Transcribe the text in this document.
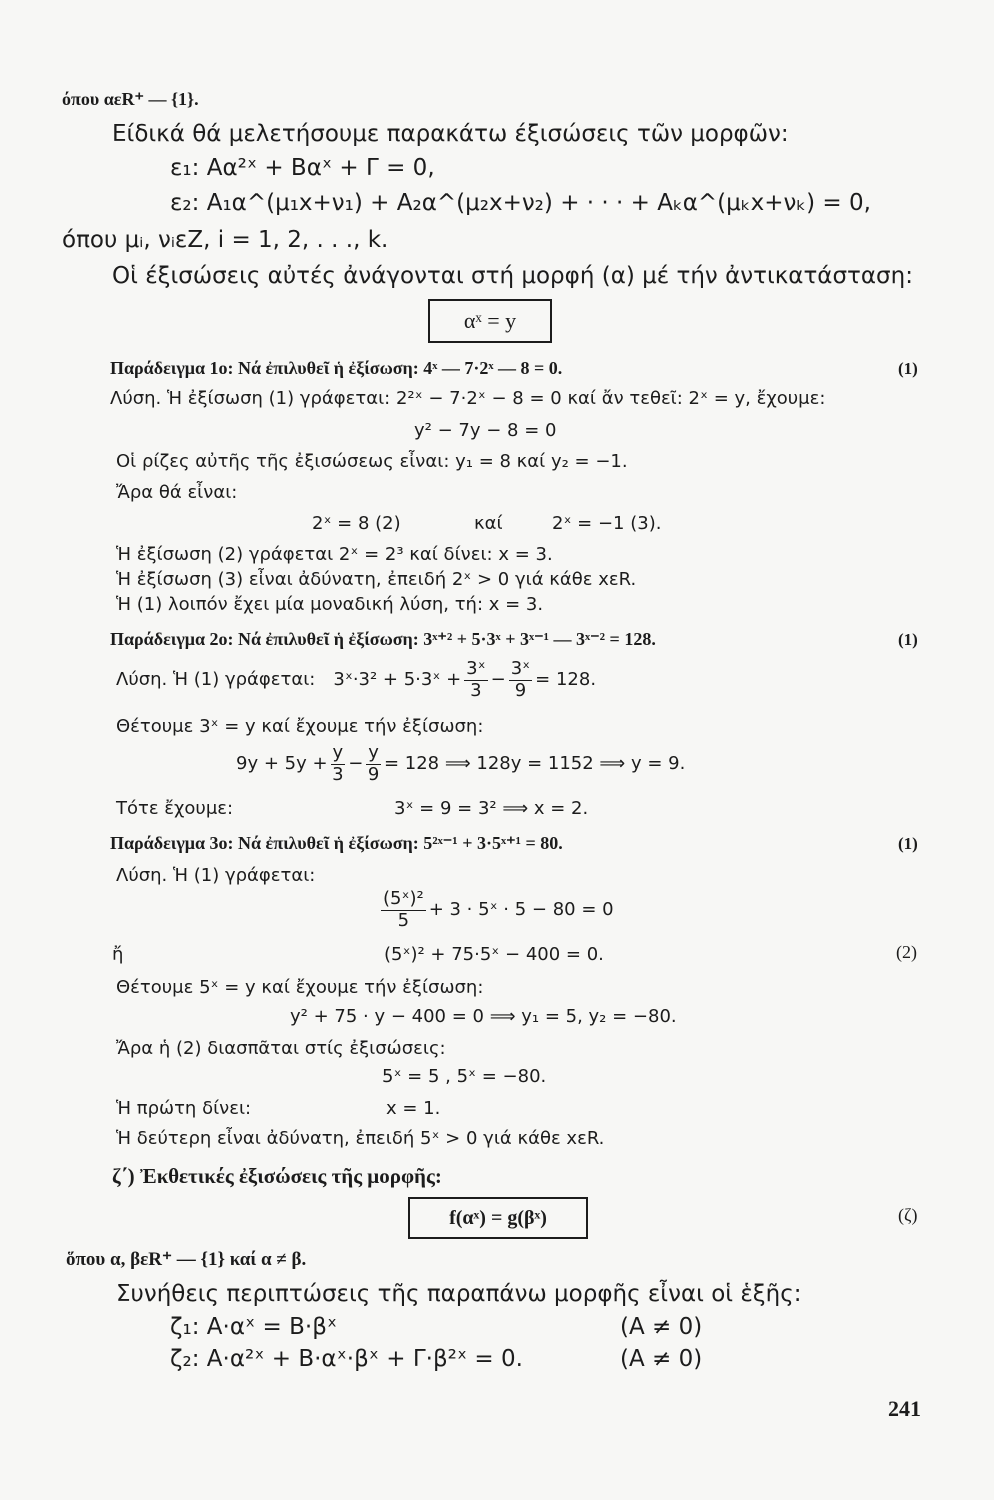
όπου αεR⁺ — {1}.
Είδικά θά μελετήσουμε παρακάτω έξισώσεις τῶν μορφῶν:
ε₁: Aα²ˣ + Bαˣ + Γ = 0,
ε₂: A₁α^(μ₁x+ν₁) + A₂α^(μ₂x+ν₂) + · · · + Aₖα^(μₖx+νₖ) = 0,
όπου μᵢ, νᵢεZ, i = 1, 2, . . ., k.
Οἱ έξισώσεις αὐτές ἀνάγονται στή μορφή (α) μέ τήν ἀντικατάσταση:
αˣ = y
Παράδειγμα 1ο: Νά ἐπιλυθεῖ ἡ ἐξίσωση: 4ˣ — 7·2ˣ — 8 = 0.	(1)
Λύση. Ἡ ἐξίσωση (1) γράφεται: 2²ˣ − 7·2ˣ − 8 = 0 καί ἄν τεθεῖ: 2ˣ = y, ἔχουμε:
y² − 7y − 8 = 0
Οἱ ρίζες αὐτῆς τῆς ἐξισώσεως εἶναι: y₁ = 8 καί y₂ = −1.
Ἄρα θά εἶναι:
2ˣ = 8 (2)	καί	2ˣ = −1 (3).
Ἡ ἐξίσωση (2) γράφεται 2ˣ = 2³ καί δίνει: x = 3.
Ἡ ἐξίσωση (3) εἶναι ἀδύνατη, ἐπειδή 2ˣ > 0 γιά κάθε xεR.
Ἡ (1) λοιπόν ἔχει μία μοναδική λύση, τή: x = 3.
Παράδειγμα 2ο: Νά ἐπιλυθεῖ ἡ ἐξίσωση: 3ˣ⁺² + 5·3ˣ + 3ˣ⁻¹ — 3ˣ⁻² = 128.	(1)
Λύση. Ἡ (1) γράφεται: 3ˣ·3² + 5·3ˣ + $\frac{\text{3ˣ}}{3} - \frac{\text{3ˣ}}{9} = 128$.
Θέτουμε 3ˣ = y καί ἔχουμε τήν ἐξίσωση:
$9y + 5y + \frac{y}{3} - \frac{y}{9} = 128$ ⟹ 128y = 1152 ⟹ y = 9.
Τότε ἔχουμε:	3ˣ = 9 = 3² ⟹ x = 2.
Παράδειγμα 3ο: Νά ἐπιλυθεῖ ἡ ἐξίσωση: 5²ˣ⁻¹ + 3·5ˣ⁺¹ = 80.	(1)
Λύση. Ἡ (1) γράφεται:
$\frac{\text{(5ˣ)²}}{5} + 3$ · 5ˣ · 5 − 80 = 0
ἤ	(5ˣ)² + 75·5ˣ − 400 = 0.	(2)
Θέτουμε 5ˣ = y καί ἔχουμε τήν ἐξίσωση:
y² + 75 · y − 400 = 0 ⟹ y₁ = 5, y₂ = −80.
Ἄρα ἡ (2) διασπᾶται στίς ἐξισώσεις:
5ˣ = 5 , 5ˣ = −80.
Ἡ πρώτη δίνει:	x = 1.
Ἡ δεύτερη εἶναι ἀδύνατη, ἐπειδή 5ˣ > 0 γιά κάθε xεR.
ζ΄) Ἐκθετικές ἐξισώσεις τῆς μορφῆς:
f(αˣ) = g(βˣ)	(ζ)
ὅπου α, βεR⁺ — {1} καί α ≠ β.
Συνήθεις περιπτώσεις τῆς παραπάνω μορφῆς εἶναι οἱ ἑξῆς:
ζ₁: A·αˣ = B·βˣ	(A ≠ 0)
ζ₂: A·α²ˣ + B·αˣ·βˣ + Γ·β²ˣ = 0.	(A ≠ 0)
241
